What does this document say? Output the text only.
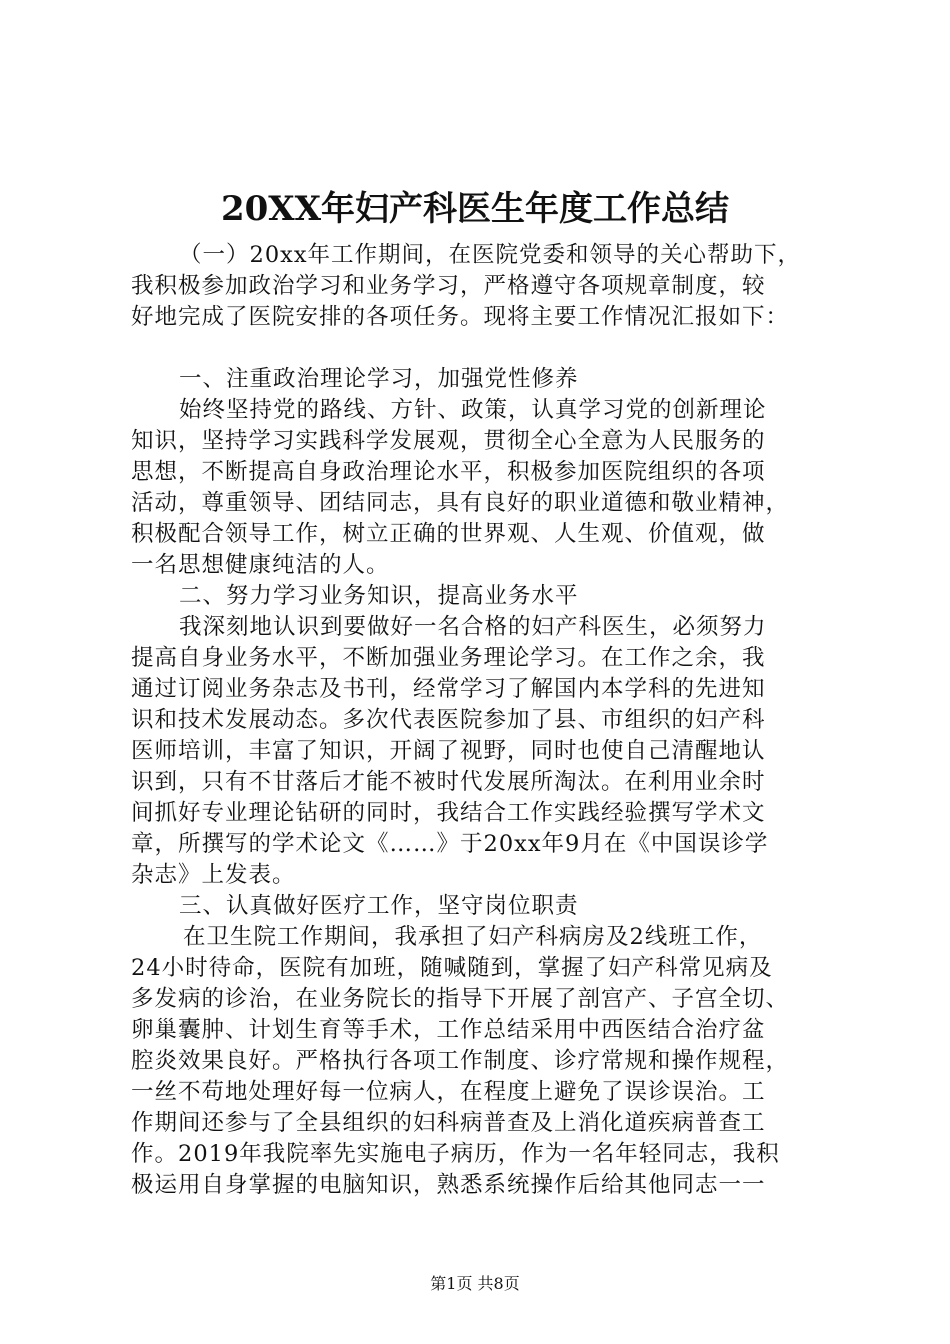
20XX年妇产科医生年度工作总结
（一）20xx年工作期间，在医院党委和领导的关心帮助下，
我积极参加政治学习和业务学习，严格遵守各项规章制度，较
好地完成了医院安排的各项任务。现将主要工作情况汇报如下：
一、注重政治理论学习，加强党性修养
始终坚持党的路线、方针、政策，认真学习党的创新理论
知识，坚持学习实践科学发展观，贯彻全心全意为人民服务的
思想，不断提高自身政治理论水平，积极参加医院组织的各项
活动，尊重领导、团结同志，具有良好的职业道德和敬业精神，
积极配合领导工作，树立正确的世界观、人生观、价值观，做
一名思想健康纯洁的人。
二、努力学习业务知识，提高业务水平
我深刻地认识到要做好一名合格的妇产科医生，必须努力
提高自身业务水平，不断加强业务理论学习。在工作之余，我
通过订阅业务杂志及书刊，经常学习了解国内本学科的先进知
识和技术发展动态。多次代表医院参加了县、市组织的妇产科
医师培训，丰富了知识，开阔了视野，同时也使自己清醒地认
识到，只有不甘落后才能不被时代发展所淘汰。在利用业余时
间抓好专业理论钻研的同时，我结合工作实践经验撰写学术文
章，所撰写的学术论文《……》于20xx年9月在《中国误诊学
杂志》上发表。
三、认真做好医疗工作，坚守岗位职责
在卫生院工作期间，我承担了妇产科病房及2线班工作，
24小时待命，医院有加班，随喊随到，掌握了妇产科常见病及
多发病的诊治，在业务院长的指导下开展了剖宫产、子宫全切、
卵巢囊肿、计划生育等手术，工作总结采用中西医结合治疗盆
腔炎效果良好。严格执行各项工作制度、诊疗常规和操作规程，
一丝不苟地处理好每一位病人，在程度上避免了误诊误治。工
作期间还参与了全县组织的妇科病普查及上消化道疾病普查工
作。2019年我院率先实施电子病历，作为一名年轻同志，我积
极运用自身掌握的电脑知识，熟悉系统操作后给其他同志一一
第1页 共8页
